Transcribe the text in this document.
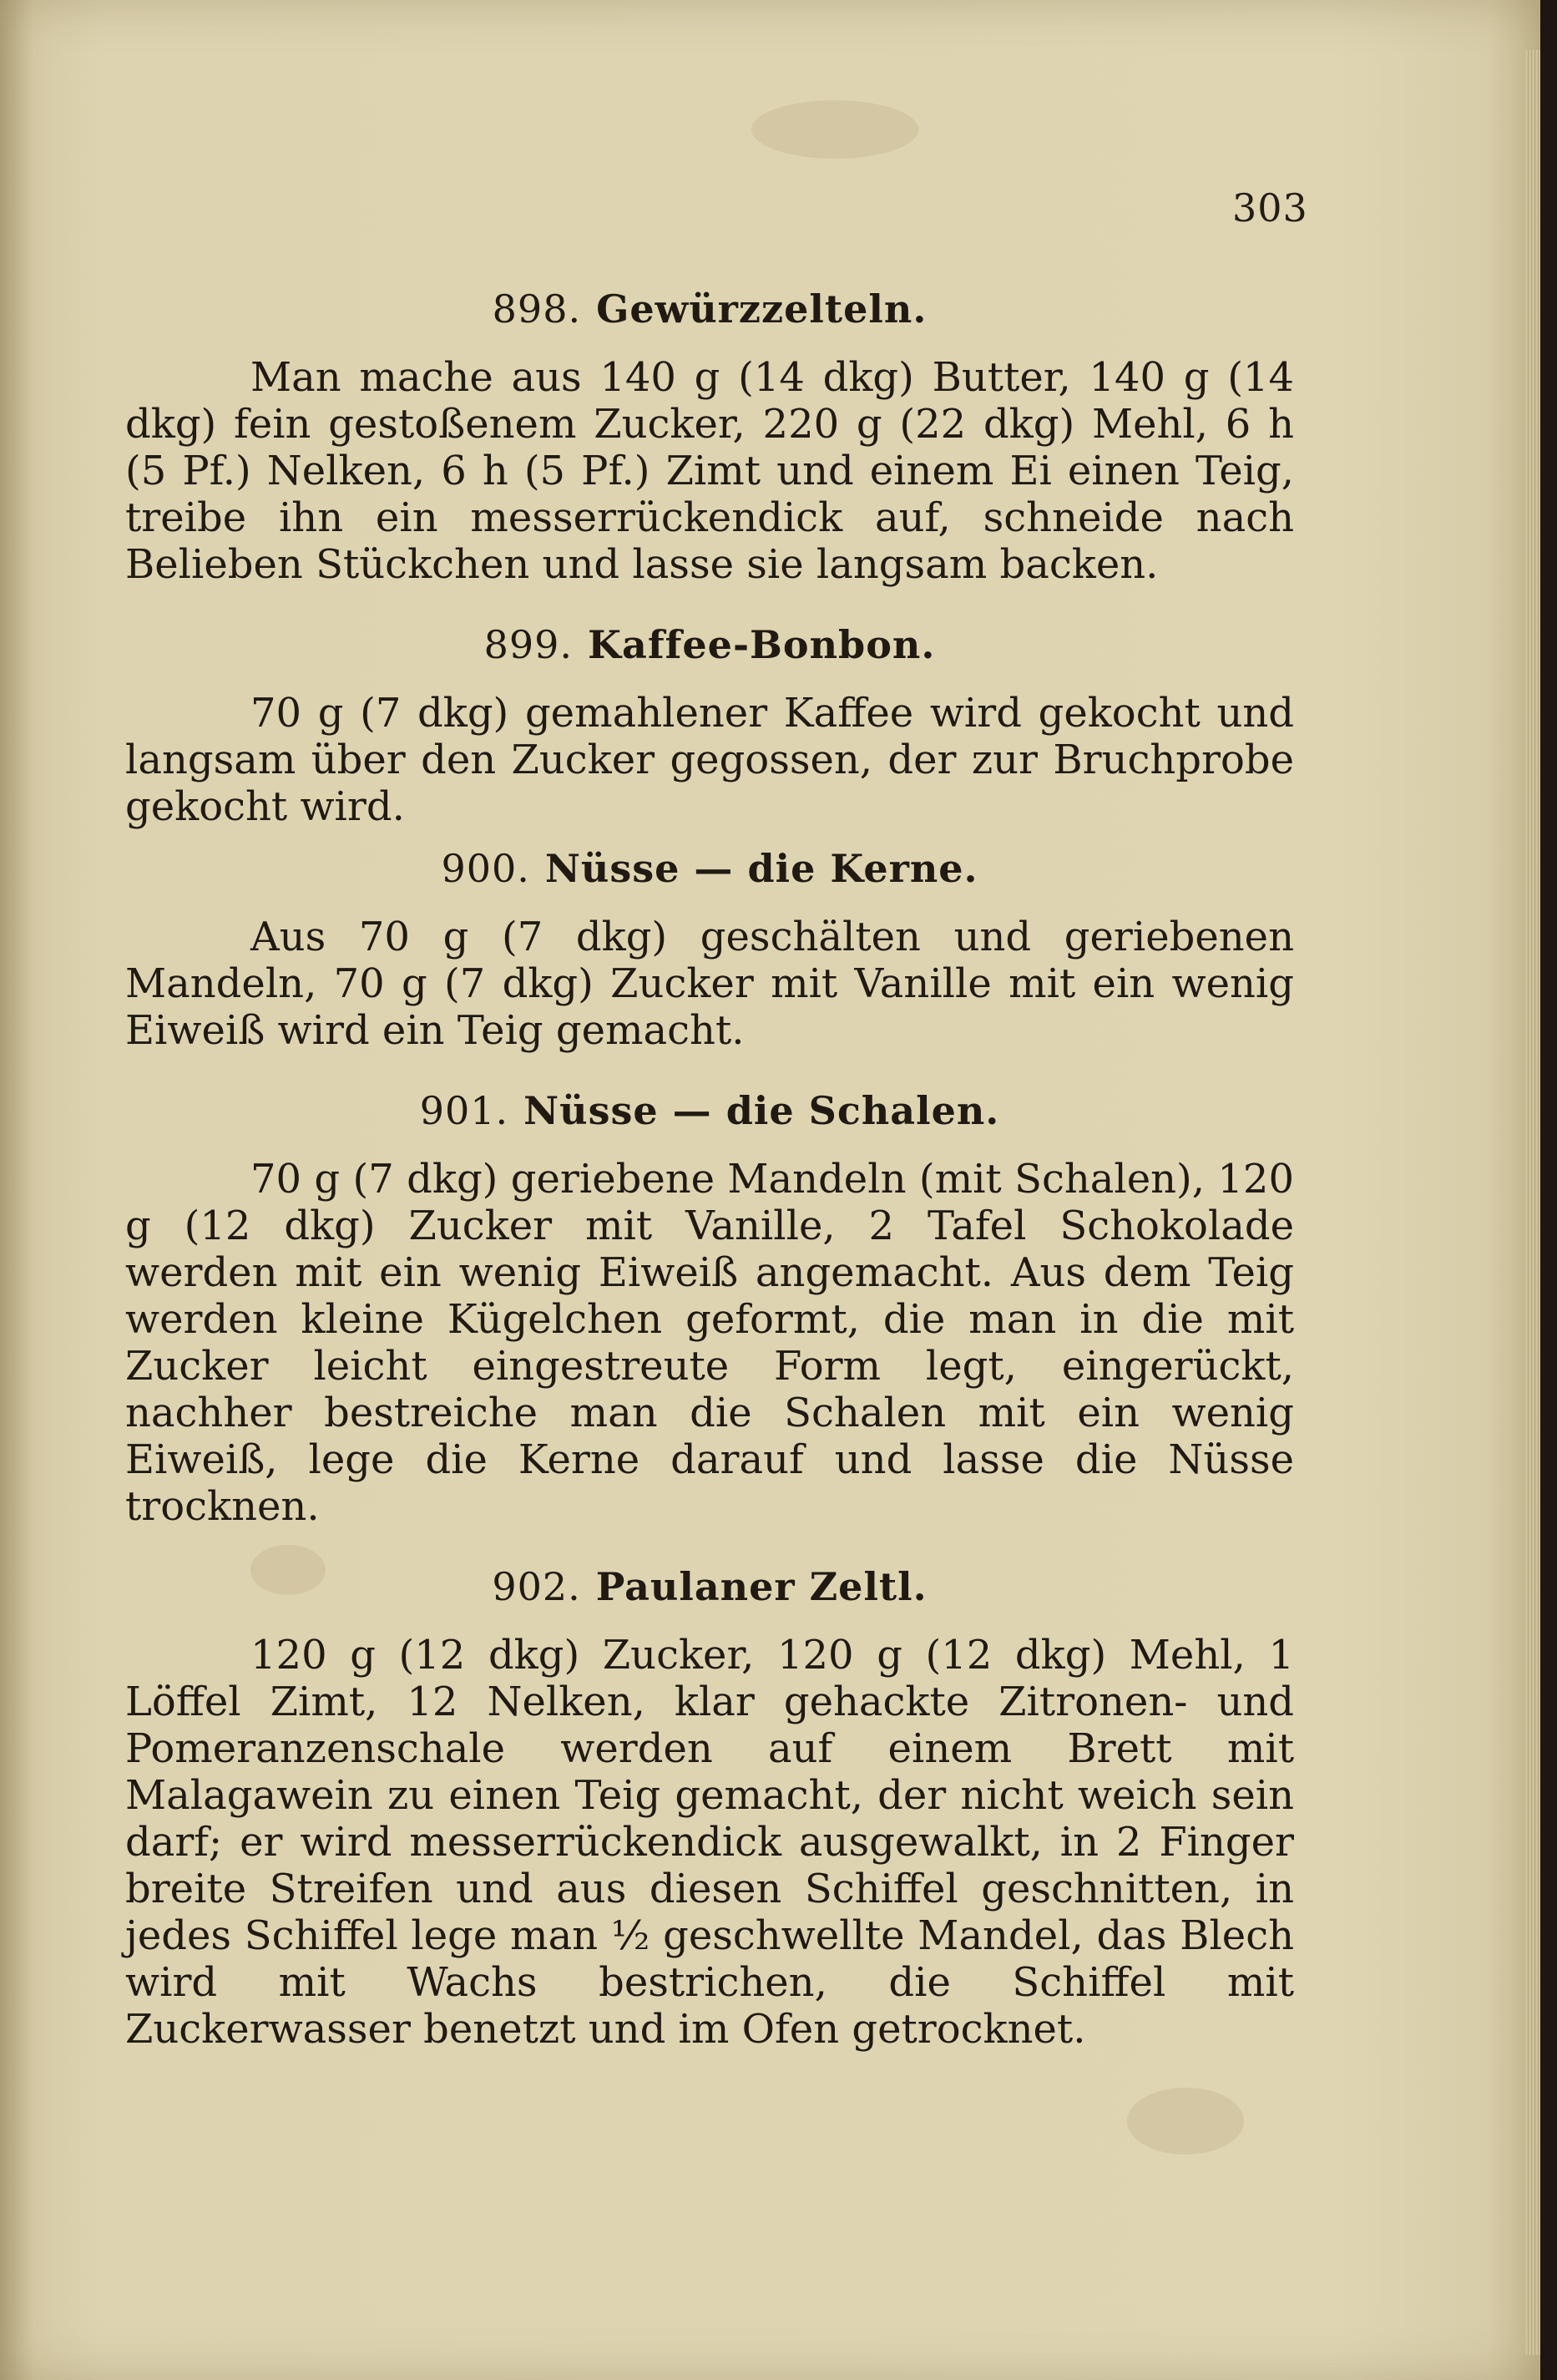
303
898. Gewürzzelteln.

Man mache aus 140 g (14 dkg) Butter, 140 g (14 dkg) fein gestoßenem Zucker, 220 g (22 dkg) Mehl, 6 h (5 Pf.) Nelken, 6 h (5 Pf.) Zimt und einem Ei einen Teig, treibe ihn ein messerrückendick auf, schneide nach Belieben Stückchen und lasse sie langsam backen.

899. Kaffee-Bonbon.

70 g (7 dkg) gemahlener Kaffee wird gekocht und langsam über den Zucker gegossen, der zur Bruchprobe gekocht wird.

900. Nüsse — die Kerne.

Aus 70 g (7 dkg) geschälten und geriebenen Mandeln, 70 g (7 dkg) Zucker mit Vanille mit ein wenig Eiweiß wird ein Teig gemacht.

901. Nüsse — die Schalen.

70 g (7 dkg) geriebene Mandeln (mit Schalen), 120 g (12 dkg) Zucker mit Vanille, 2 Tafel Schokolade werden mit ein wenig Eiweiß angemacht. Aus dem Teig werden kleine Kügelchen geformt, die man in die mit Zucker leicht eingestreute Form legt, eingerückt, nachher bestreiche man die Schalen mit ein wenig Eiweiß, lege die Kerne darauf und lasse die Nüsse trocknen.

902. Paulaner Zeltl.

120 g (12 dkg) Zucker, 120 g (12 dkg) Mehl, 1 Löffel Zimt, 12 Nelken, klar gehackte Zitronen- und Pomeranzenschale werden auf einem Brett mit Malagawein zu einen Teig gemacht, der nicht weich sein darf; er wird messerrückendick ausgewalkt, in 2 Finger breite Streifen und aus diesen Schiffel geschnitten, in jedes Schiffel lege man ½ geschwellte Mandel, das Blech wird mit Wachs bestrichen, die Schiffel mit Zuckerwasser benetzt und im Ofen getrocknet.
